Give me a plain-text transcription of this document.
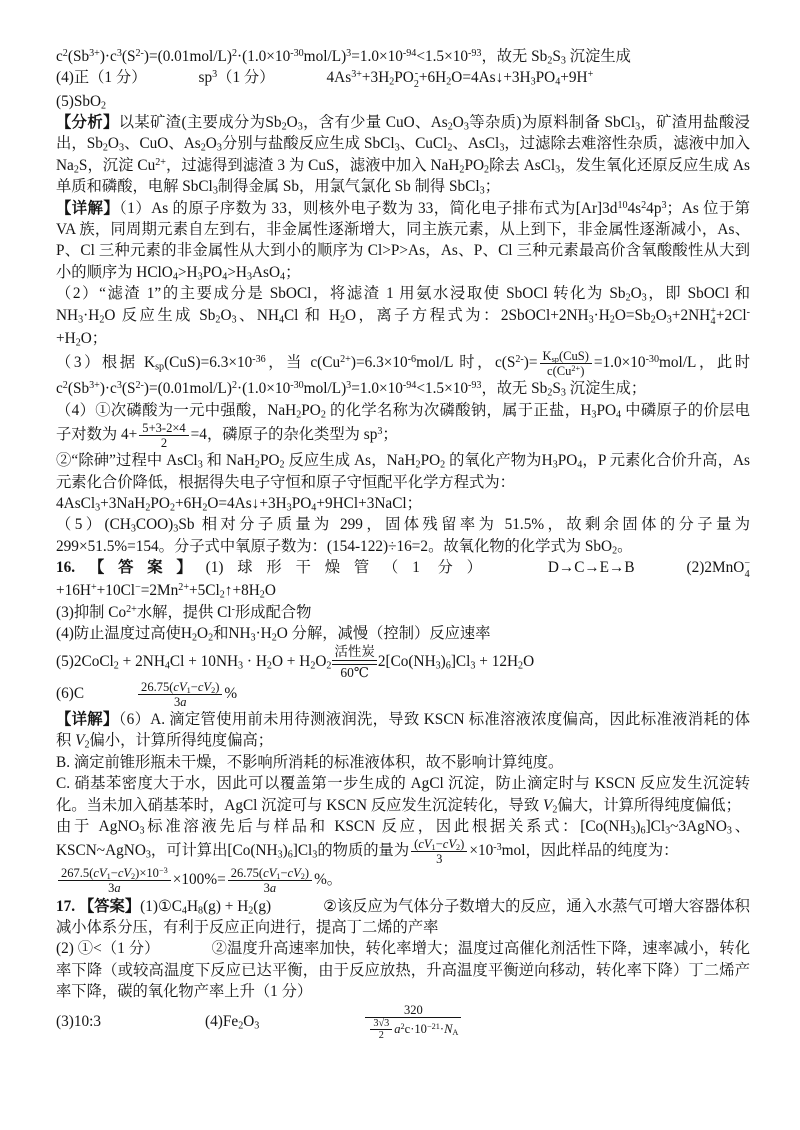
$c^2(Sb^{3+})\cdot c^3(S^{2-})=(0.01mol/L)^2\cdot(1.0\times 10^{-30}mol/L)^3=1.0\times 10^{-94}<1.5\times 10^{-93}$，故无 Sb2S3 沉淀生成
(4)正（1 分）	$sp^3(1$ 分）	$4As^{3+}+3H2PO$ -
2 +6H2O=4As↓+3H3PO4+9H+
(5)SbO2
【分析】以某矿渣(主要成分为Sb2O3，含有少量 CuO、As2O3等杂质)为原料制备 SbCl3，矿渣用盐酸浸出，Sb2O3、CuO、As2O3分别与盐酸反应生成 SbCl3、CuCl2、AsCl3，过滤除去难溶性杂质，滤液中加入 Na2S，沉淀 $Cu^{2+}$，过滤得到滤渣 3 为 CuS，滤液中加入 NaH2PO2除去 AsCl3，发生氧化还原反应生成 As 单质和磷酸，电解 SbCl3制得金属 Sb，用氯气氯化 Sb 制得 SbCl3；
【详解】（1）As 的原子序数为 33，则核外电子数为 33，简化电子排布式为$[Ar]3d^{10}4s^24p^3$；As 位于第 VA 族，同周期元素自左到右，非金属性逐渐增大，同主族元素，从上到下，非金属性逐渐减小，As、P、Cl 三种元素的非金属性从大到小的顺序为 Cl>P>As，As、P、Cl 三种元素最高价含氧酸酸性从大到小的顺序为 HClO4>H3PO4>H3AsO4；
（2）“滤渣 1”的主要成分是 SbOCl，将滤渣 1 用氨水浸取使 SbOCl 转化为 Sb2O3，即 SbOCl 和 NH3·H2O 反应生成 Sb2O3、NH4Cl 和 H2O，离子方程式为：2SbOCl+2NH3·H2O=Sb2O3+2NH +
4 +2Cl-+H2O；
（3）根据 $Ksp(CuS)=6.3\times 10^{-36}$，当 $c(Cu^{2+})=6.3\times 10^{-6}mol/L$ 时，$c(S^{2-})= \frac{\text{Ksp(CuS)}}{c(Cu^{2+})} =1.0\times 10^{-30}mol/L$，此时 $c^2(Sb^{3+})\cdot c^3(S^{2-})=(0.01mol/L)^2\cdot(1.0\times 10^{-30}mol/L)^3=1.0\times 10^{-94}<1.5\times 10^{-93}$，故无 Sb2S3 沉淀生成；
（4）①次磷酸为一元中强酸，NaH2PO2 的化学名称为次磷酸钠，属于正盐，H3PO4 中磷原子的价层电子对数为 $4+ \frac{5+3-2\times 4}{2} =4$，磷原子的杂化类型为 $sp^3$；
②“除砷”过程中 AsCl3 和 NaH2PO2 反应生成 As，NaH2PO2 的氧化产物为H3PO4，P 元素化合价升高，As 元素化合价降低，根据得失电子守恒和原子守恒配平化学方程式为：
4AsCl3+3NaH2PO2+6H2O=4As↓+3H3PO4+9HCl+3NaCl；
（5）(CH3COO)3Sb 相对分子质量为 299，固体残留率为 51.5%，故剩余固体的分子量为 299×51.5%=154。分子式中氧原子数为：(154-122)÷16=2。故氧化物的化学式为 SbO2。
16.【答案】(1)球形干燥管（1 分）	D→C→E→B	(2)2MnO −
4
$+16H^++10Cl^-=2Mn^{2+}+5Cl2↑+8H2O$
(3)抑制 $Co^{2+}$水解，提供 Cl-形成配合物
(4)防止温度过高使H2O2和NH3·H2O 分解，减慢（控制）反应速率
(5)2CoCl2 + 2NH4Cl + 10NH3 · H2O + H2O2
活性炭
60℃
2[Co(NH3)6]Cl3 + 12H2O
(6)C	$\frac{26.75(cV1-cV2)}{3a}$ %
【详解】（6）A. 滴定管使用前未用待测液润洗，导致 KSCN 标准溶液浓度偏高，因此标准液消耗的体积 V2偏小，计算所得纯度偏高；
B. 滴定前锥形瓶未干燥，不影响所消耗的标准液体积，故不影响计算纯度。
C. 硝基苯密度大于水，因此可以覆盖第一步生成的 AgCl 沉淀，防止滴定时与 KSCN 反应发生沉淀转化。当未加入硝基苯时，AgCl 沉淀可与 KSCN 反应发生沉淀转化，导致 V2偏大，计算所得纯度偏低；
由于 AgNO3标准溶液先后与样品和 KSCN 反应，因此根据关系式：[Co(NH3)6]Cl3~3AgNO3、KSCN~AgNO3，可计算出[Co(NH3)6]Cl3的物质的量为 $\frac{(cV1-cV2)}{3} \times 10^{-3}mol$，因此样品的纯度为：
$\frac{267.5(cV1-cV2)\times 10^{-3}}{3a} \times 100\%= \frac{26.75(cV1-cV2)}{3a}$ %。
17. 【答案】(1)①C4H8(g) + H2(g)	②该反应为气体分子数增大的反应，通入水蒸气可增大容器体积减小体系分压，有利于反应正向进行，提高丁二烯的产率
(2) ①<（1 分）	②温度升高速率加快，转化率增大；温度过高催化剂活性下降，速率减小，转化率下降（或较高温度下反应已达平衡，由于反应放热，升高温度平衡逆向移动，转化率下降）丁二烯产率下降，碳的氧化物产率上升（1 分）
(3)10:3	(4)Fe2O3	$\frac{320}{\frac{3√3}{2} a^2c\cdot 10^{-21}\cdot NA}$
